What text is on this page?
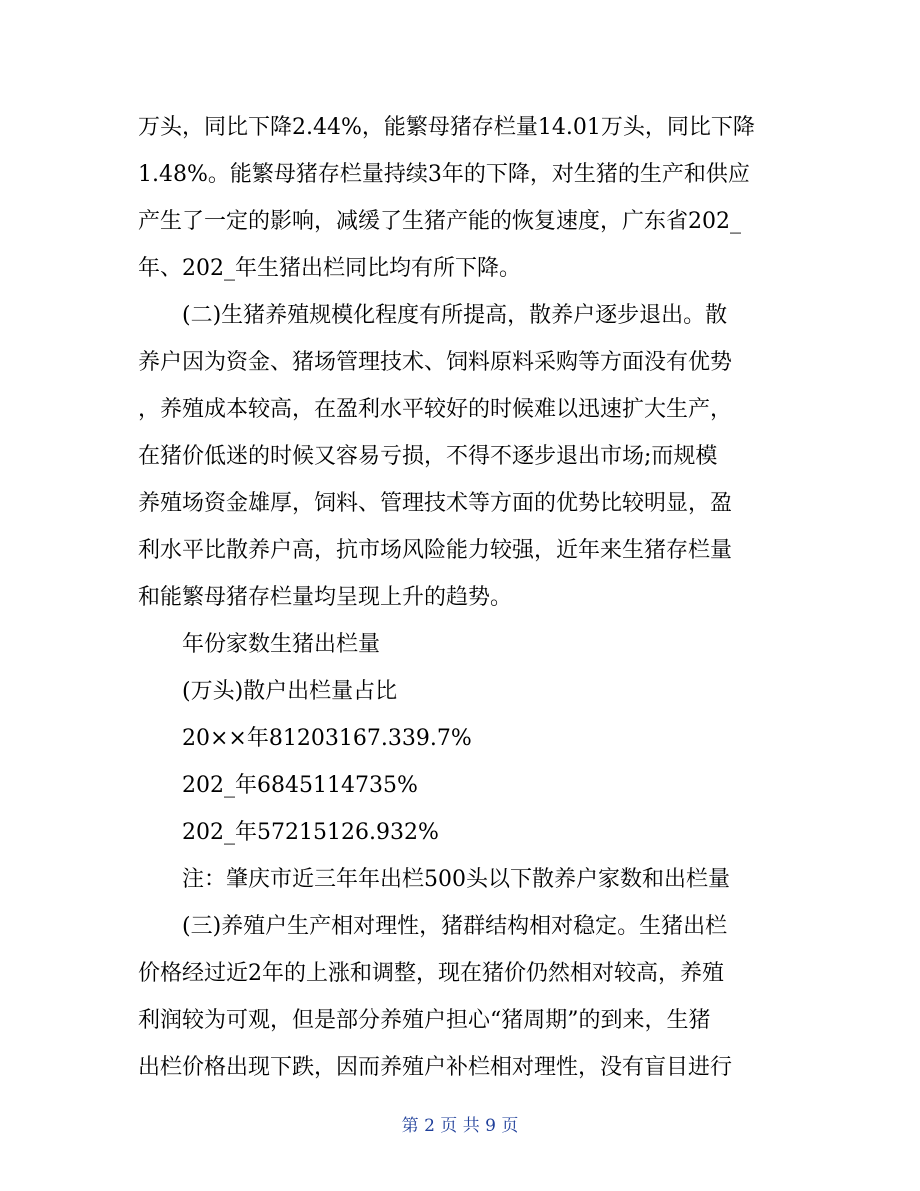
万头，同比下降2.44%，能繁母猪存栏量14.01万头，同比下降
1.48%。能繁母猪存栏量持续3年的下降，对生猪的生产和供应
产生了一定的影响，减缓了生猪产能的恢复速度，广东省202_
年、202_年生猪出栏同比均有所下降。
(二)生猪养殖规模化程度有所提高，散养户逐步退出。散
养户因为资金、猪场管理技术、饲料原料采购等方面没有优势
，养殖成本较高，在盈利水平较好的时候难以迅速扩大生产，
在猪价低迷的时候又容易亏损，不得不逐步退出市场;而规模
养殖场资金雄厚，饲料、管理技术等方面的优势比较明显，盈
利水平比散养户高，抗市场风险能力较强，近年来生猪存栏量
和能繁母猪存栏量均呈现上升的趋势。
年份家数生猪出栏量
(万头)散户出栏量占比
20××年81203167.339.7%
202_年6845114735%
202_年57215126.932%
注：肇庆市近三年年出栏500头以下散养户家数和出栏量
(三)养殖户生产相对理性，猪群结构相对稳定。生猪出栏
价格经过近2年的上涨和调整，现在猪价仍然相对较高，养殖
利润较为可观，但是部分养殖户担心“猪周期”的到来，生猪
出栏价格出现下跌，因而养殖户补栏相对理性，没有盲目进行
第 2 页 共 9 页
